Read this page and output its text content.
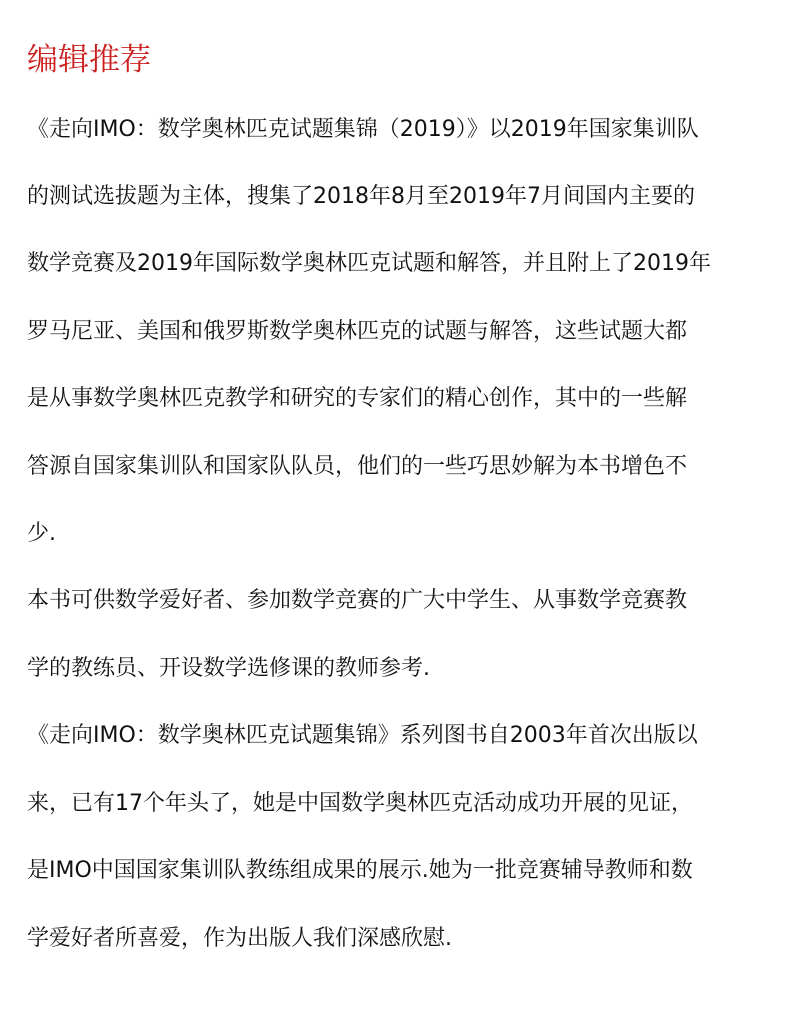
编辑推荐

《走向IMO：数学奥林匹克试题集锦（2019）》以2019年国家集训队

的测试选拔题为主体，搜集了2018年8月至2019年7月间国内主要的

数学竞赛及2019年国际数学奥林匹克试题和解答，并且附上了2019年

罗马尼亚、美国和俄罗斯数学奥林匹克的试题与解答，这些试题大都

是从事数学奥林匹克教学和研究的专家们的精心创作，其中的一些解

答源自国家集训队和国家队队员，他们的一些巧思妙解为本书增色不

少.

本书可供数学爱好者、参加数学竞赛的广大中学生、从事数学竞赛教

学的教练员、开设数学选修课的教师参考.

《走向IMO：数学奥林匹克试题集锦》系列图书自2003年首次出版以

来，已有17个年头了，她是中国数学奥林匹克活动成功开展的见证，

是IMO中国国家集训队教练组成果的展示.她为一批竞赛辅导教师和数

学爱好者所喜爱，作为出版人我们深感欣慰.
